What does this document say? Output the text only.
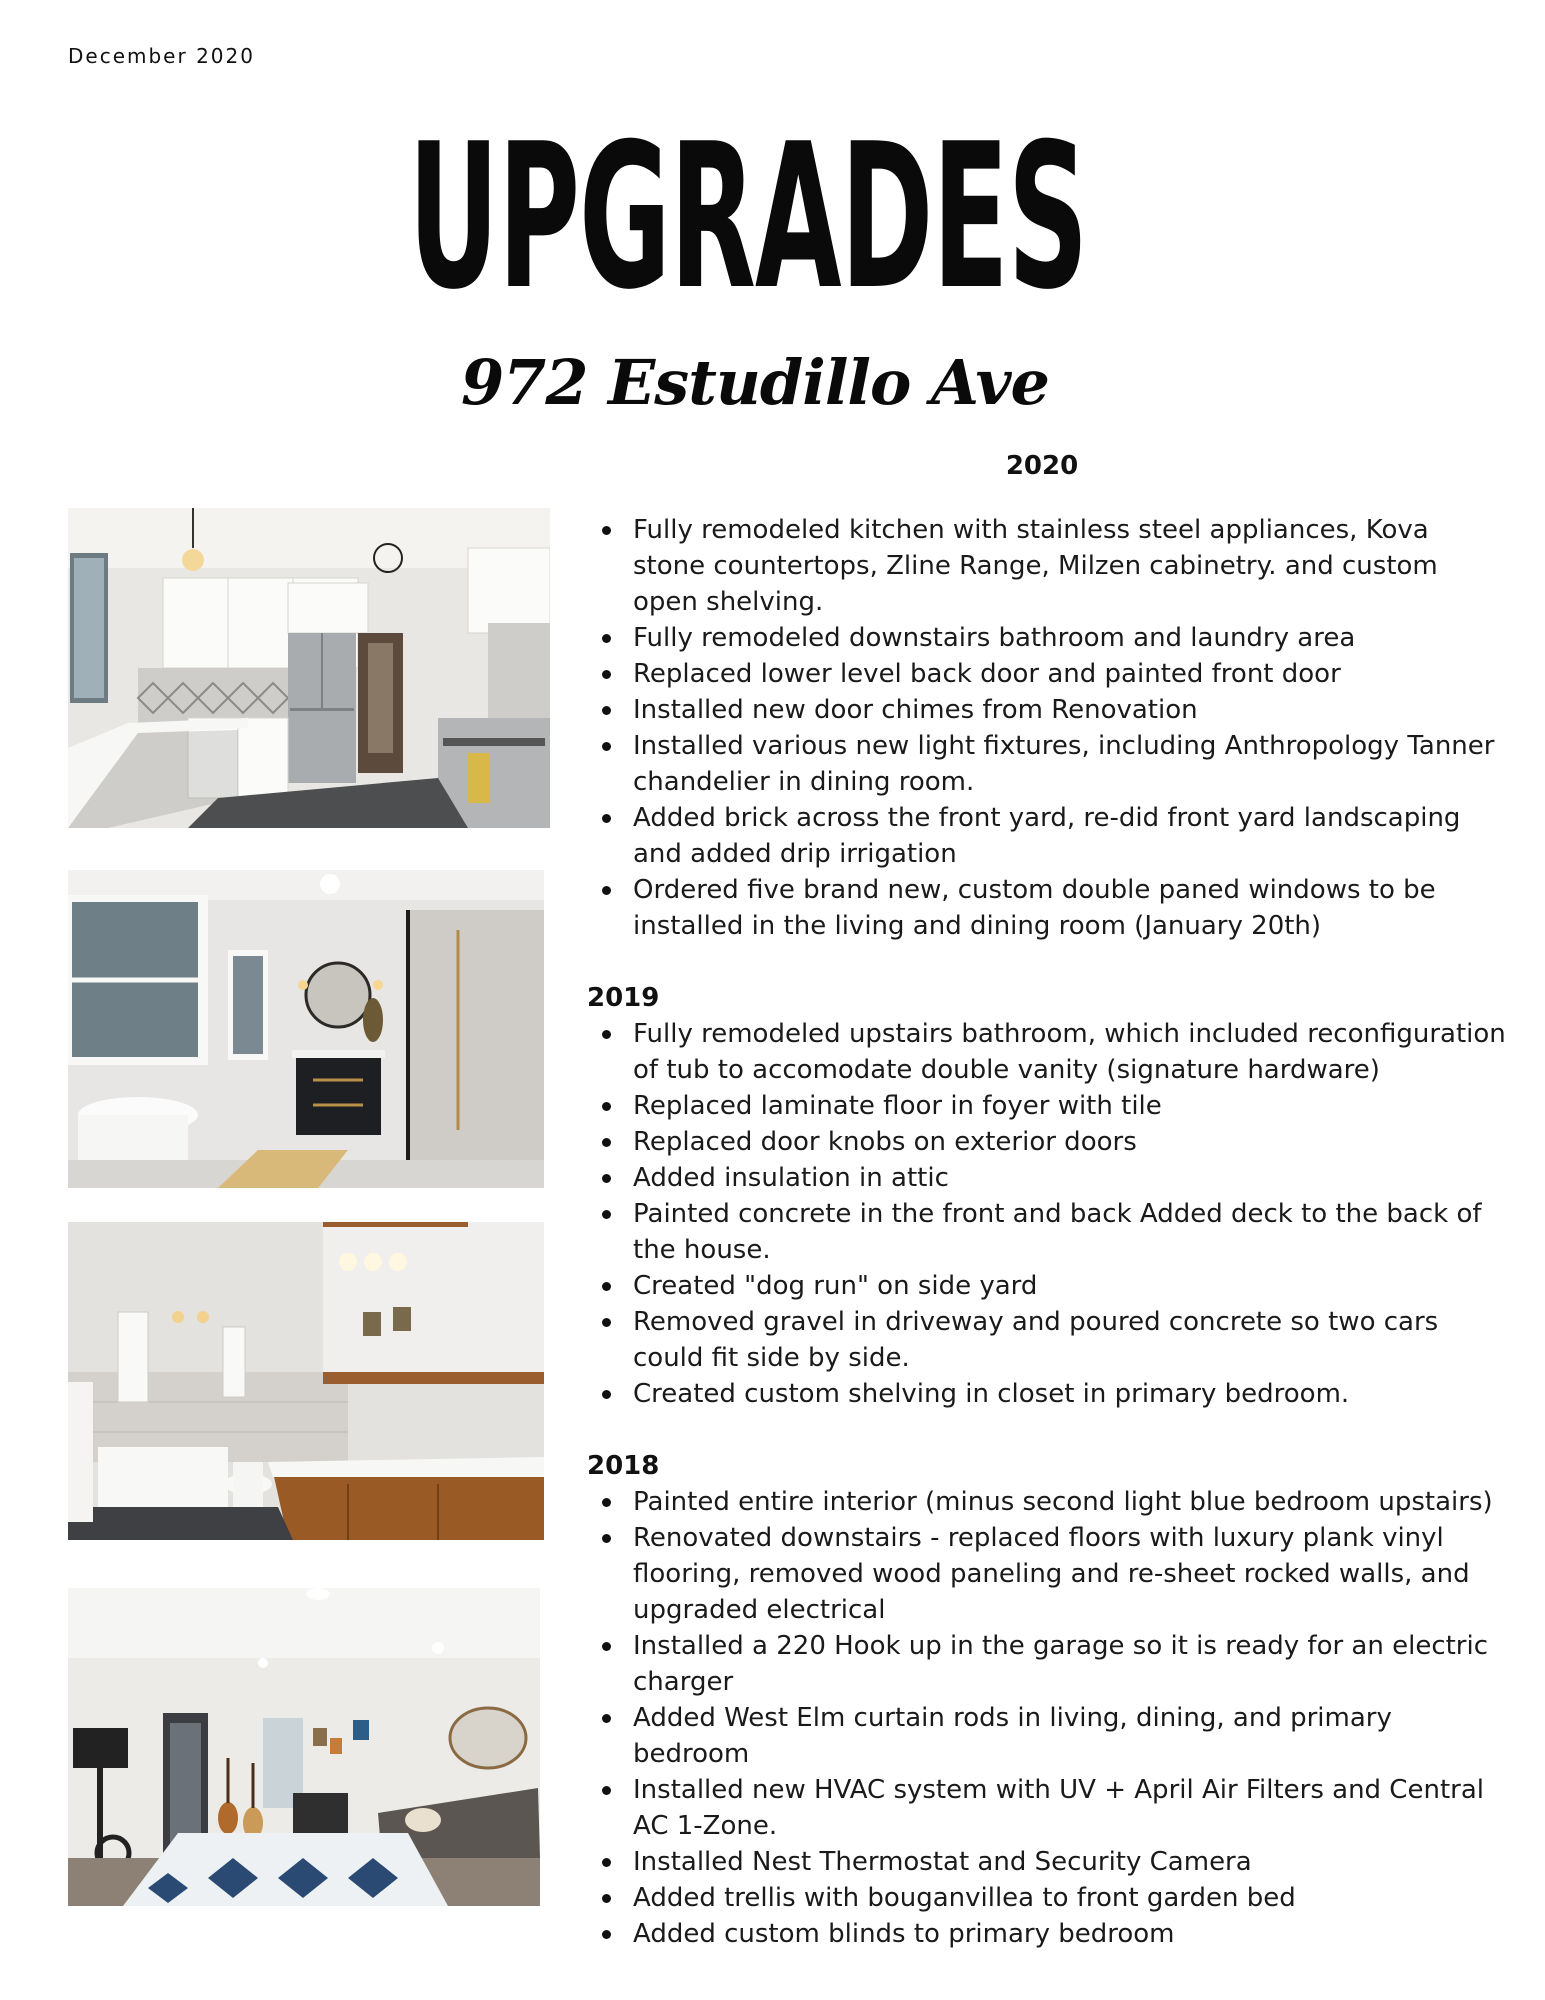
December 2020
UPGRADES
972 Estudillo Ave
2020
Fully remodeled kitchen with stainless steel appliances, Kova stone countertops, Zline Range, Milzen cabinetry. and custom open shelving.
Fully remodeled downstairs bathroom and laundry area
Replaced lower level back door and painted front door
Installed new door chimes from Renovation
Installed various new light fixtures, including Anthropology Tanner chandelier in dining room.
Added brick across the front yard, re-did front yard landscaping and added drip irrigation
Ordered five brand new, custom double paned windows to be installed in the living and dining room (January 20th)
2019
Fully remodeled upstairs bathroom, which included reconfiguration of tub to accomodate double vanity (signature hardware)
Replaced laminate floor in foyer with tile
Replaced door knobs on exterior doors
Added insulation in attic
Painted concrete in the front and back Added deck to the back of the house.
Created "dog run" on side yard
Removed gravel in driveway and poured concrete so two cars could fit side by side.
Created custom shelving in closet in primary bedroom.
2018
Painted entire interior (minus second light blue bedroom upstairs)
Renovated downstairs - replaced floors with luxury plank vinyl flooring, removed wood paneling and re-sheet rocked walls, and upgraded electrical
Installed a 220 Hook up in the garage so it is ready for an electric charger
Added West Elm curtain rods in living, dining, and primary bedroom
Installed new HVAC system with UV + April Air Filters and Central AC 1-Zone.
Installed Nest Thermostat and Security Camera
Added trellis with bouganvillea to front garden bed
Added custom blinds to primary bedroom
